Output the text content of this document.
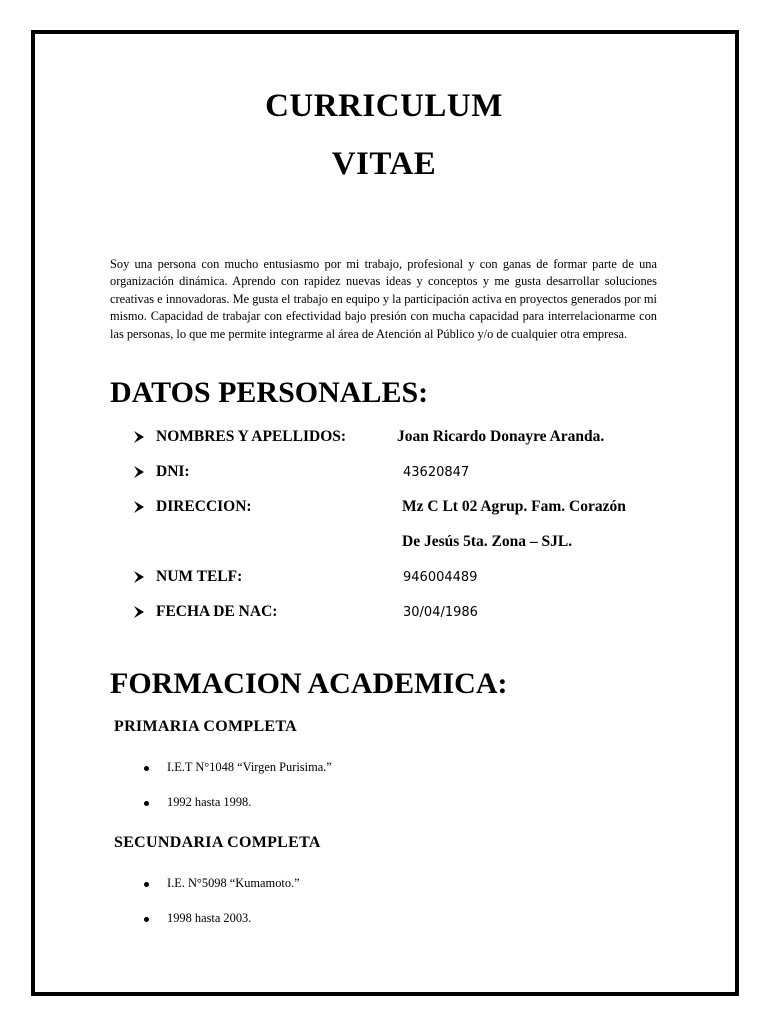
CURRICULUM
VITAE
Soy una persona con mucho entusiasmo por mi trabajo, profesional y con ganas de formar parte de una organización dinámica. Aprendo con rapidez nuevas ideas y conceptos y me gusta desarrollar soluciones creativas e innovadoras. Me gusta el trabajo en equipo y la participación activa en proyectos generados por mi mismo. Capacidad de trabajar con efectividad bajo presión con mucha capacidad para interrelacionarme con las personas, lo que me permite integrarme al área de Atención al Público y/o de cualquier otra empresa.
DATOS PERSONALES:
NOMBRES Y APELLIDOS:	Joan Ricardo Donayre Aranda.
DNI:	43620847
DIRECCION:	Mz C Lt 02 Agrup. Fam. Corazón
De Jesús 5ta. Zona – SJL.
NUM TELF:	946004489
FECHA DE NAC:	30/04/1986
FORMACION ACADEMICA:
PRIMARIA COMPLETA
I.E.T N°1048 “Virgen Purisima.”
1992 hasta 1998.
SECUNDARIA COMPLETA
I.E. N°5098 “Kumamoto.”
1998 hasta 2003.
